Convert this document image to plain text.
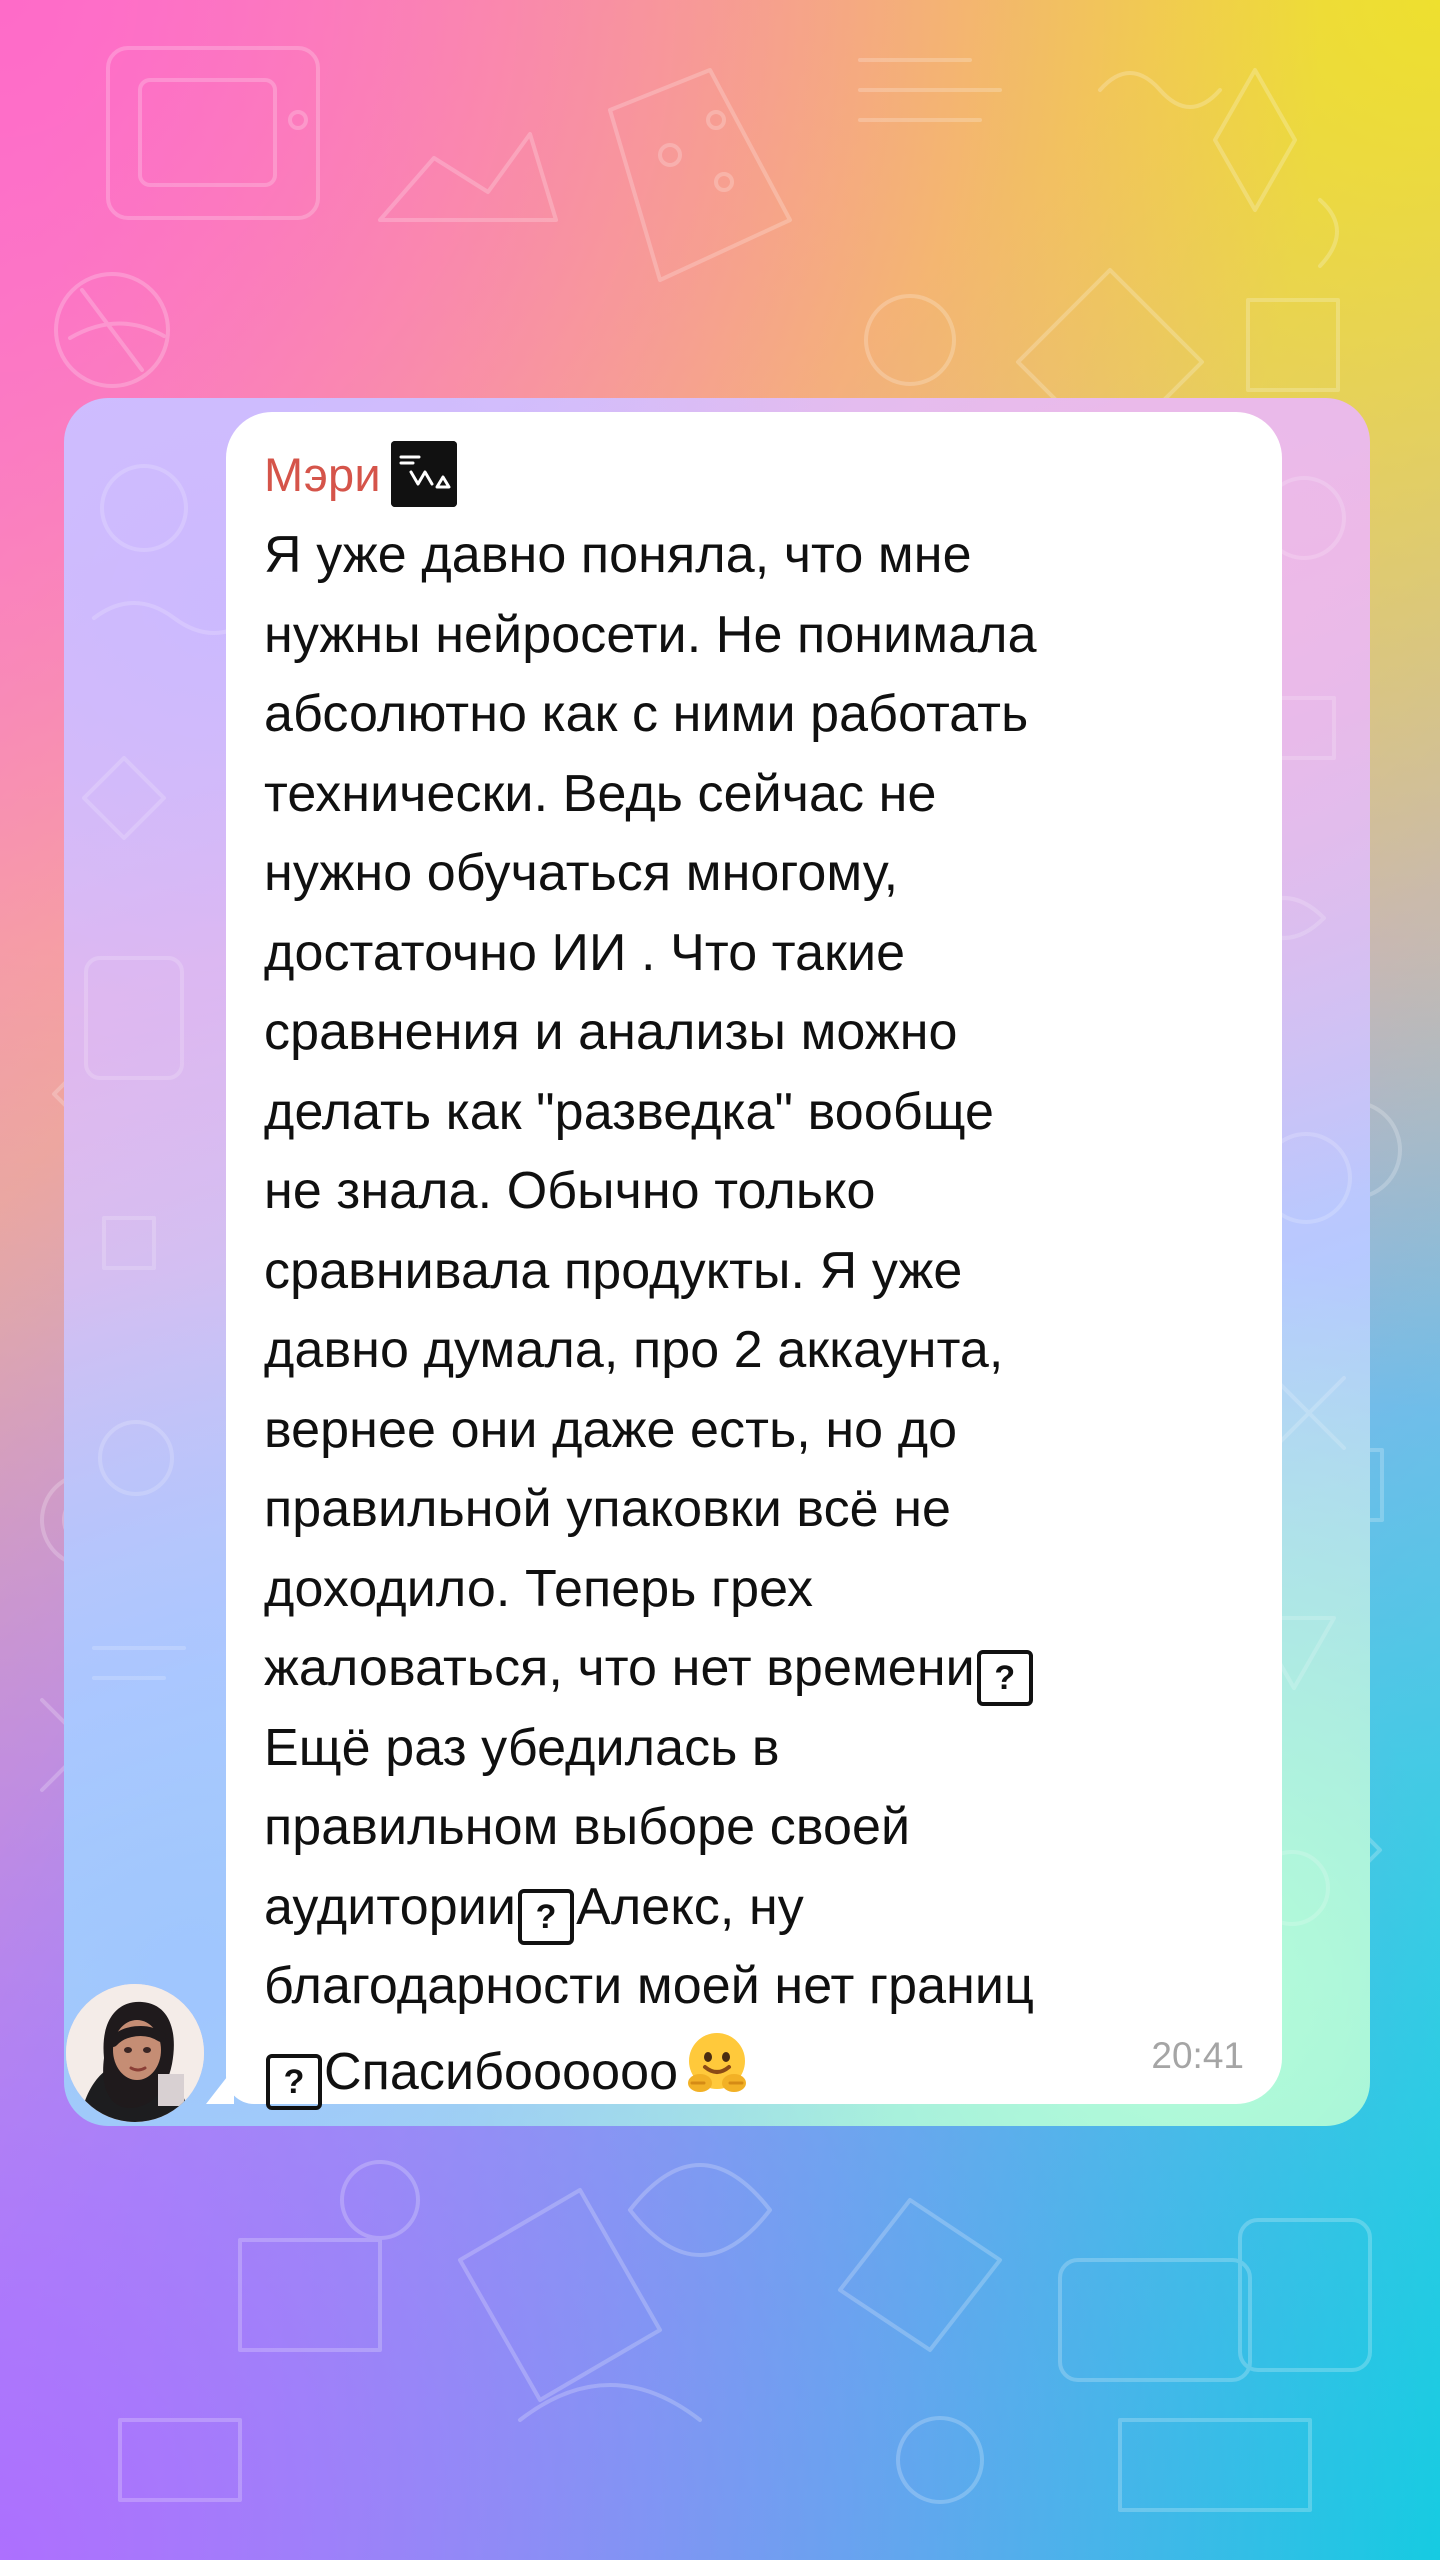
Мэри
Я уже давно поняла, что мне
нужны нейросети. Не понимала
абсолютно как с ними работать
технически. Ведь сейчас не
нужно обучаться многому,
достаточно ИИ . Что такие
сравнения и анализы можно
делать как "разведка" вообще
не знала. Обычно только
сравнивала продукты. Я уже
давно думала, про 2 аккаунта,
вернее они даже есть, но до
правильной упаковки всё не
доходило. Теперь грех
жаловаться, что нет времени ?
Ещё раз убедилась в
правильном выборе своей
аудитории ? Алекс, ну
благодарности моей нет границ
? Спасибоооооо	20:41
